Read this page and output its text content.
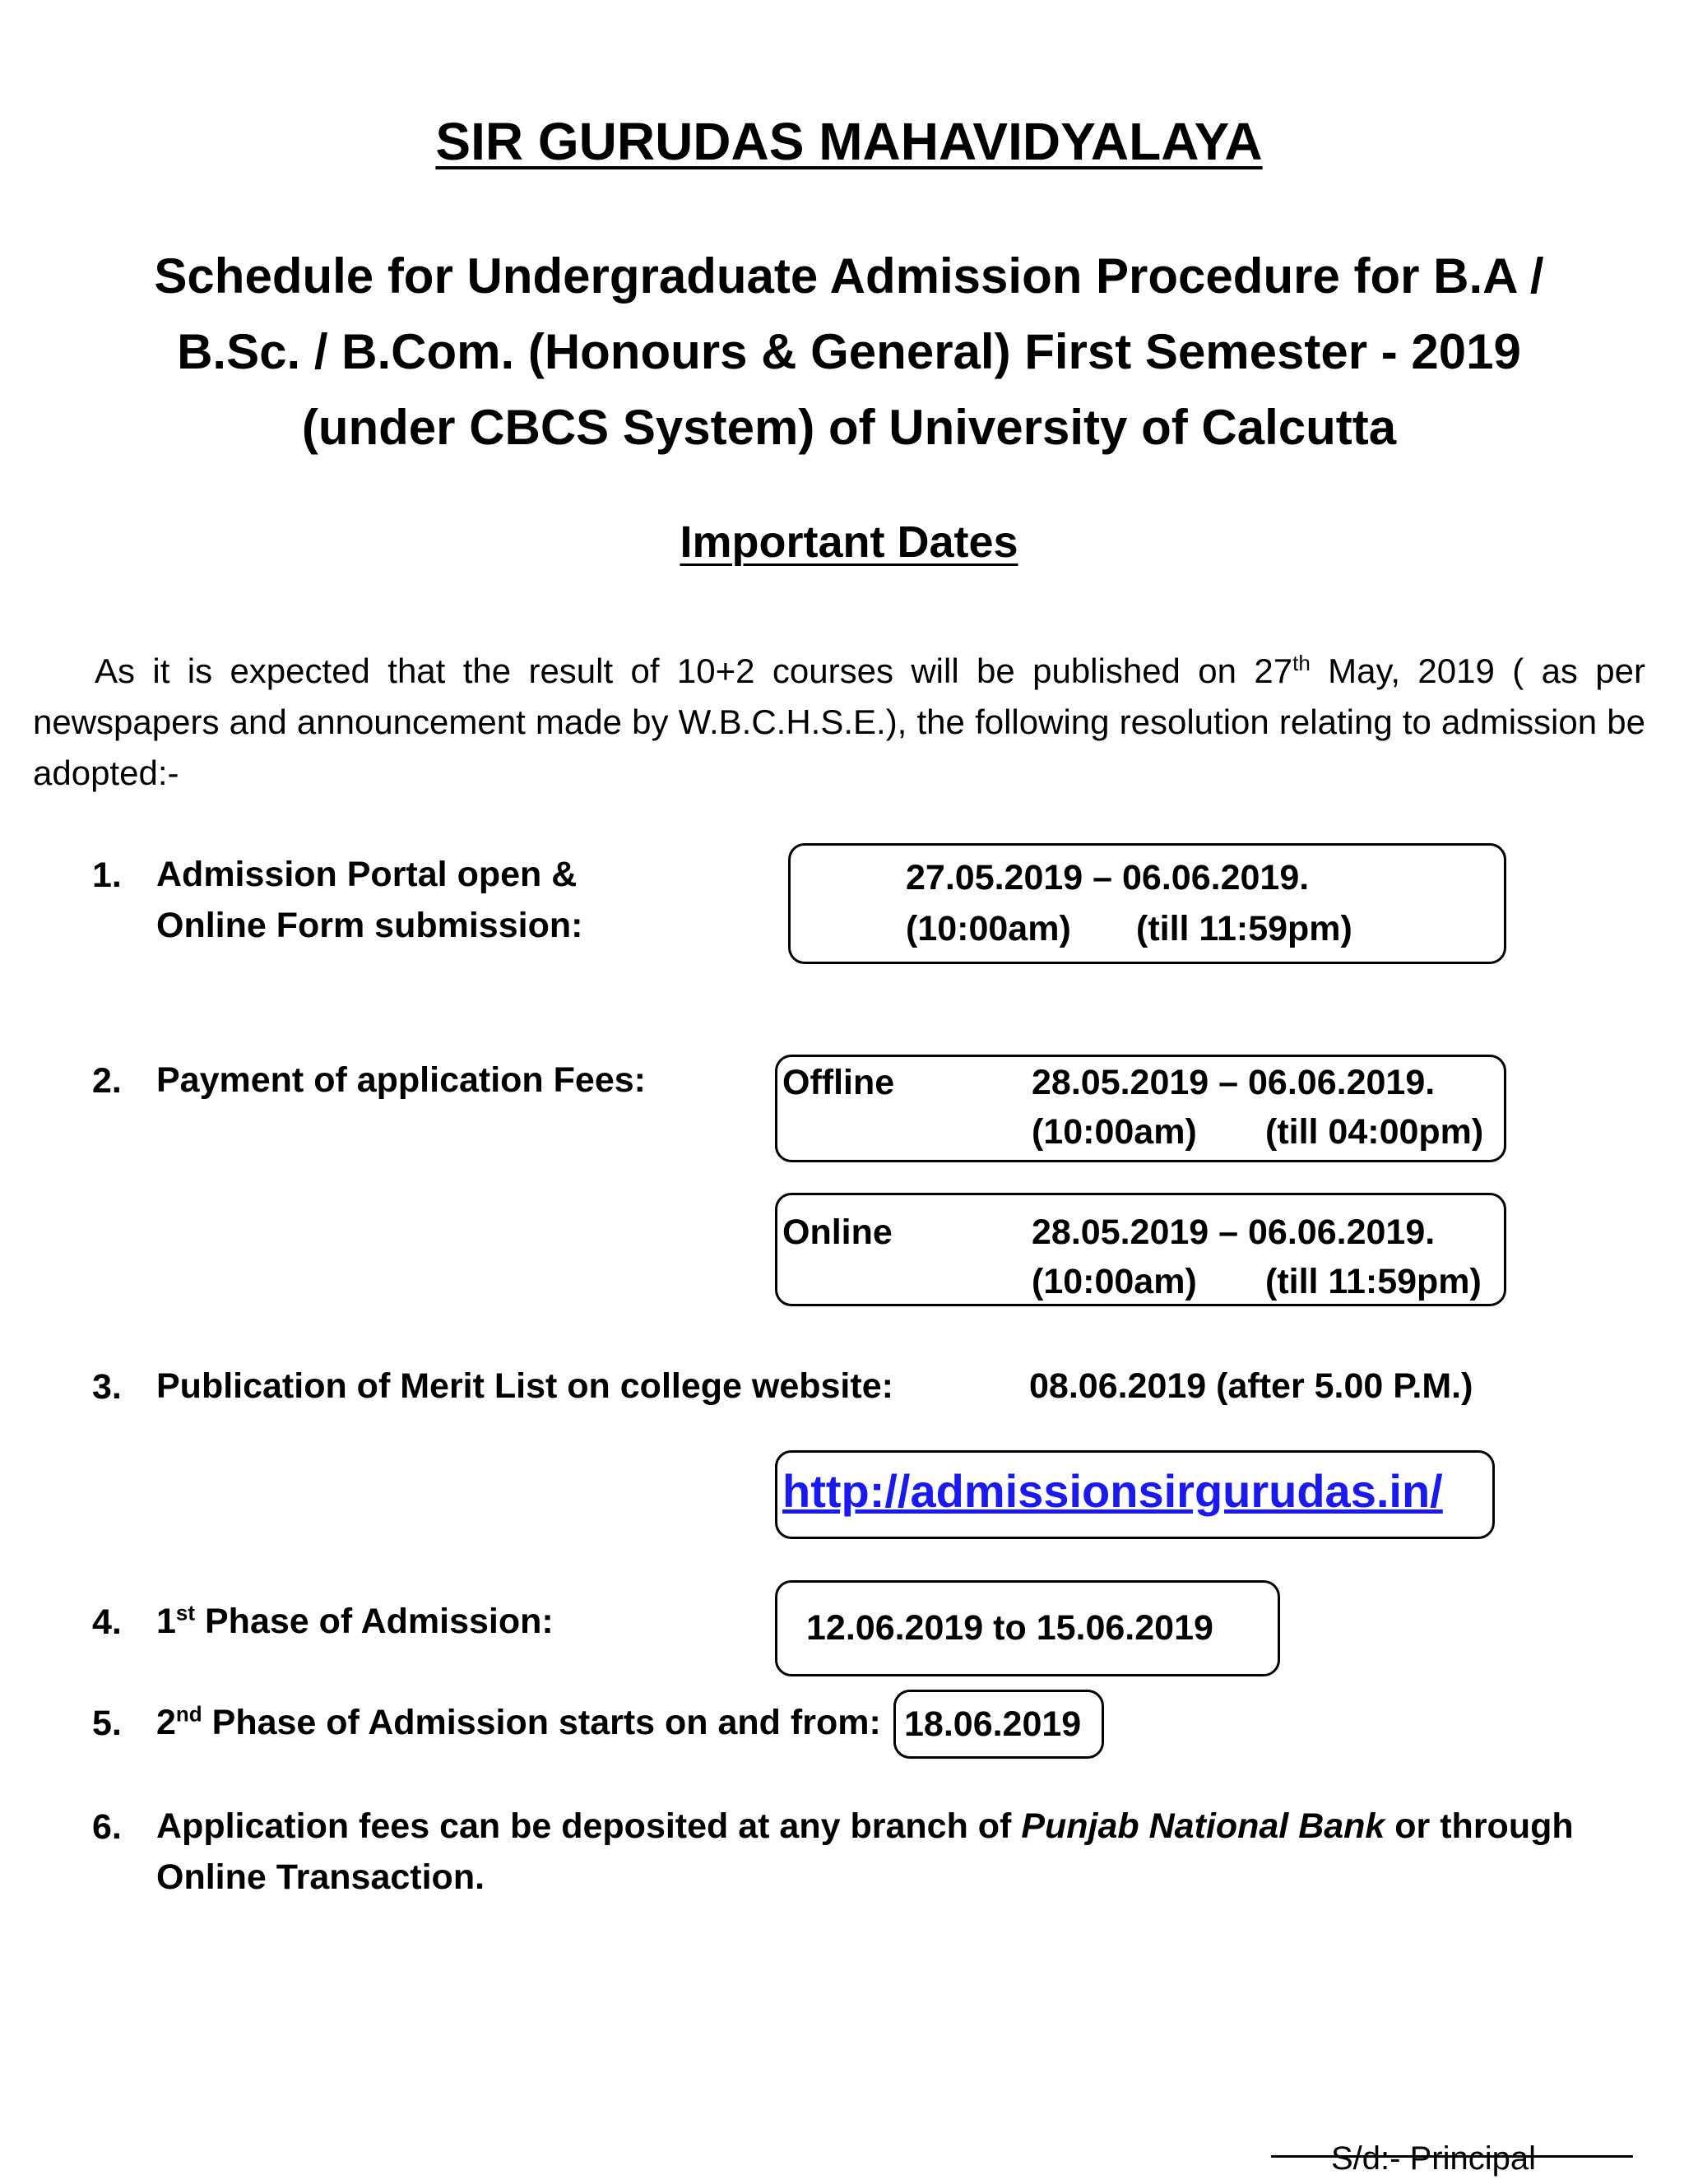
SIR GURUDAS MAHAVIDYALAYA
Schedule for Undergraduate Admission Procedure for B.A /
B.Sc. / B.Com. (Honours & General) First Semester - 2019
(under CBCS System) of University of Calcutta
Important Dates
As it is expected that the result of 10+2 courses will be published on 27th May, 2019 ( as per newspapers and announcement made by W.B.C.H.S.E.), the following resolution relating to admission be adopted:-
1. Admission Portal open &
Online Form submission:
27.05.2019 – 06.06.2019.
(10:00am) (till 11:59pm)
2. Payment of application Fees:	Offline	28.05.2019 – 06.06.2019.
(10:00am) (till 04:00pm)
Online	28.05.2019 – 06.06.2019.
(10:00am) (till 11:59pm)
3. Publication of Merit List on college website:	08.06.2019 (after 5.00 P.M.)
http://admissionsirgurudas.in/
4. 1st Phase of Admission:	12.06.2019 to 15.06.2019
5. 2nd Phase of Admission starts on and from: 18.06.2019
6. Application fees can be deposited at any branch of Punjab National Bank or through
Online Transaction.
S/d:- Principal
